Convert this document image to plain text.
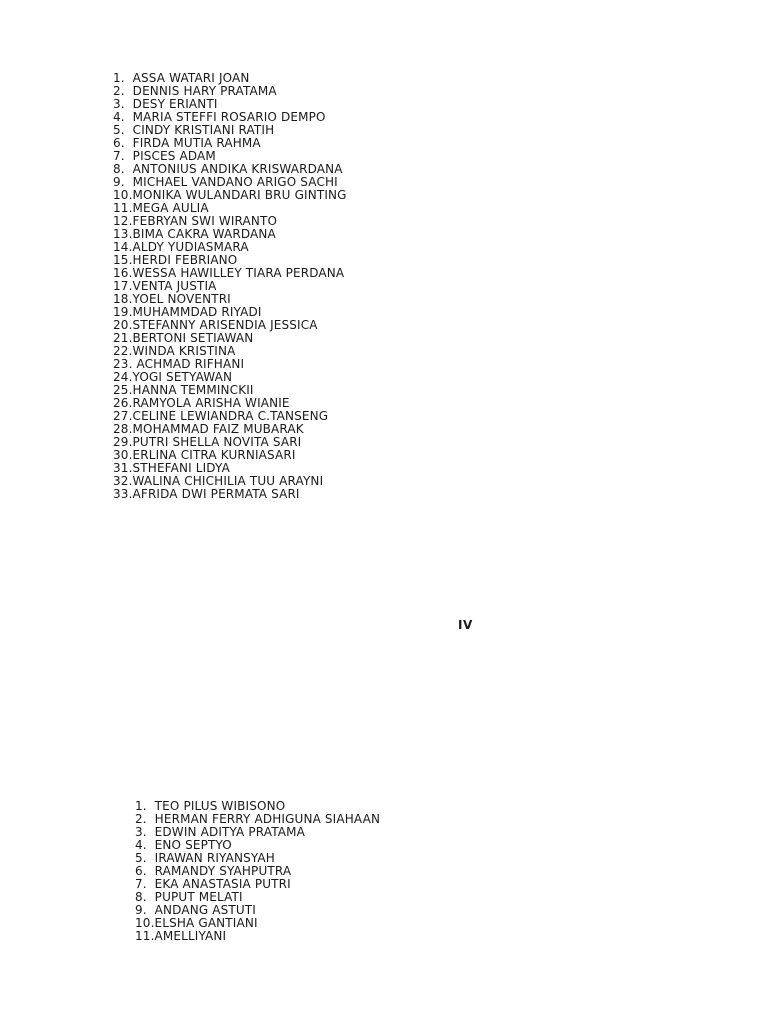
1.  ASSA WATARI JOAN
2.  DENNIS HARY PRATAMA
3.  DESY ERIANTI
4.  MARIA STEFFI ROSARIO DEMPO
5.  CINDY KRISTIANI RATIH
6.  FIRDA MUTIA RAHMA
7.  PISCES ADAM
8.  ANTONIUS ANDIKA KRISWARDANA
9.  MICHAEL VANDANO ARIGO SACHI
10.MONIKA WULANDARI BRU GINTING
11.MEGA AULIA
12.FEBRYAN SWI WIRANTO
13.BIMA CAKRA WARDANA
14.ALDY YUDIASMARA
15.HERDI FEBRIANO
16.WESSA HAWILLEY TIARA PERDANA
17.VENTA JUSTIA
18.YOEL NOVENTRI
19.MUHAMMDAD RIYADI
20.STEFANNY ARISENDIA JESSICA
21.BERTONI SETIAWAN
22.WINDA KRISTINA
23. ACHMAD RIFHANI
24.YOGI SETYAWAN
25.HANNA TEMMINCKII
26.RAMYOLA ARISHA WIANIE
27.CELINE LEWIANDRA C.TANSENG
28.MOHAMMAD FAIZ MUBARAK
29.PUTRI SHELLA NOVITA SARI
30.ERLINA CITRA KURNIASARI
31.STHEFANI LIDYA
32.WALINA CHICHILIA TUU ARAYNI
33.AFRIDA DWI PERMATA SARI
IV
1.  TEO PILUS WIBISONO
2.  HERMAN FERRY ADHIGUNA SIAHAAN
3.  EDWIN ADITYA PRATAMA
4.  ENO SEPTYO
5.  IRAWAN RIYANSYAH
6.  RAMANDY SYAHPUTRA
7.  EKA ANASTASIA PUTRI
8.  PUPUT MELATI
9.  ANDANG ASTUTI
10.ELSHA GANTIANI
11.AMELLIYANI
